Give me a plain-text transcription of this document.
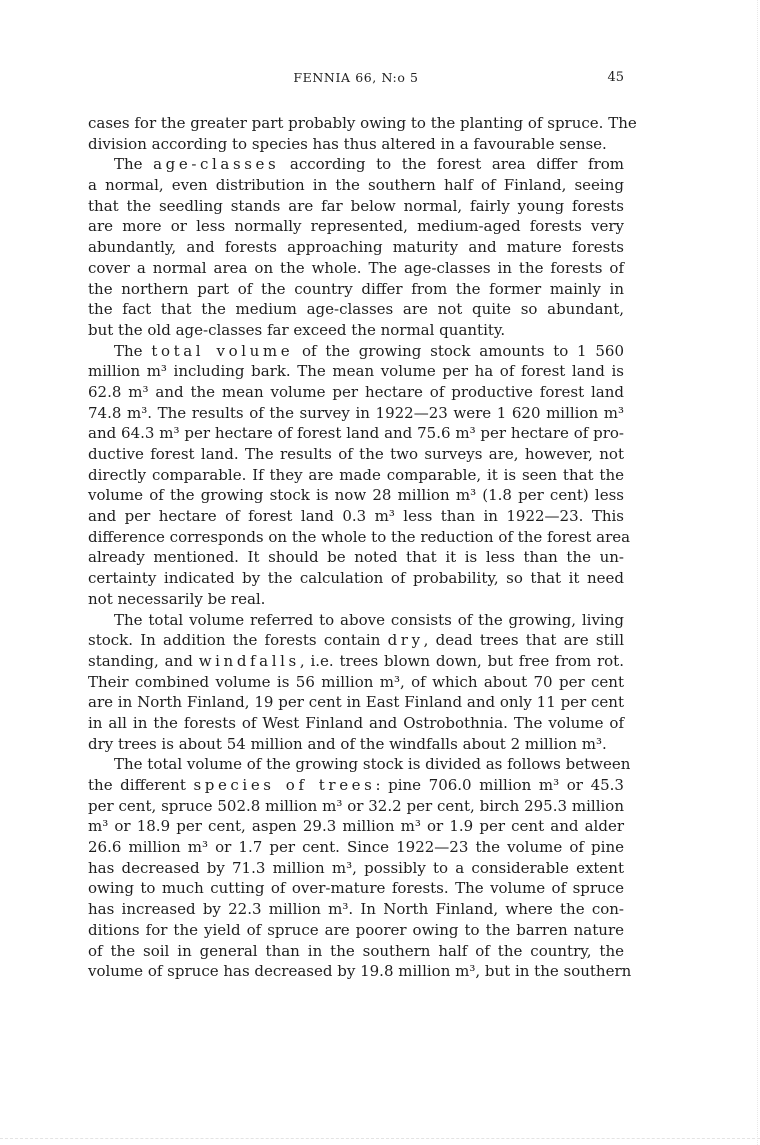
FENNIA 66, N:o 5	45
cases for the greater part probably owing to the planting of spruce. The
division according to species has thus altered in a favourable sense.
The age-classes according to the forest area differ from
a normal, even distribution in the southern half of Finland, seeing
that the seedling stands are far below normal, fairly young forests
are more or less normally represented, medium-aged forests very
abundantly, and forests approaching maturity and mature forests
cover a normal area on the whole. The age-classes in the forests of
the northern part of the country differ from the former mainly in
the fact that the medium age-classes are not quite so abundant,
but the old age-classes far exceed the normal quantity.
The total volume of the growing stock amounts to 1 560
million m³ including bark. The mean volume per ha of forest land is
62.8 m³ and the mean volume per hectare of productive forest land
74.8 m³. The results of the survey in 1922—23 were 1 620 million m³
and 64.3 m³ per hectare of forest land and 75.6 m³ per hectare of pro-
ductive forest land. The results of the two surveys are, however, not
directly comparable. If they are made comparable, it is seen that the
volume of the growing stock is now 28 million m³ (1.8 per cent) less
and per hectare of forest land 0.3 m³ less than in 1922—23. This
difference corresponds on the whole to the reduction of the forest area
already mentioned. It should be noted that it is less than the un-
certainty indicated by the calculation of probability, so that it need
not necessarily be real.
The total volume referred to above consists of the growing, living
stock. In addition the forests contain dry, dead trees that are still
standing, and windfalls, i.e. trees blown down, but free from rot.
Their combined volume is 56 million m³, of which about 70 per cent
are in North Finland, 19 per cent in East Finland and only 11 per cent
in all in the forests of West Finland and Ostrobothnia. The volume of
dry trees is about 54 million and of the windfalls about 2 million m³.
The total volume of the growing stock is divided as follows between
the different species of trees: pine 706.0 million m³ or 45.3
per cent, spruce 502.8 million m³ or 32.2 per cent, birch 295.3 million
m³ or 18.9 per cent, aspen 29.3 million m³ or 1.9 per cent and alder
26.6 million m³ or 1.7 per cent. Since 1922—23 the volume of pine
has decreased by 71.3 million m³, possibly to a considerable extent
owing to much cutting of over-mature forests. The volume of spruce
has increased by 22.3 million m³. In North Finland, where the con-
ditions for the yield of spruce are poorer owing to the barren nature
of the soil in general than in the southern half of the country, the
volume of spruce has decreased by 19.8 million m³, but in the southern
